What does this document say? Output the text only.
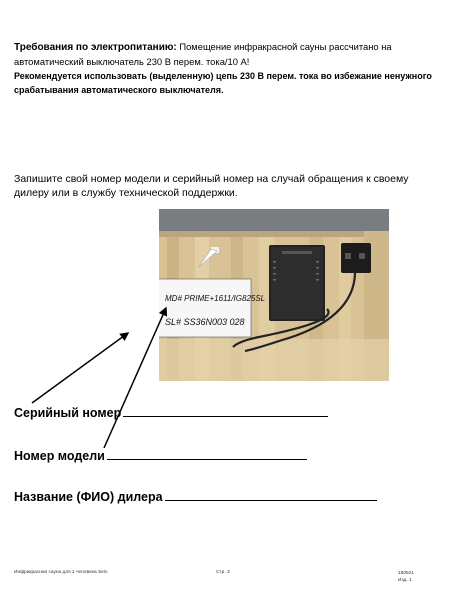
Требования по электропитанию: Помещение инфракрасной сауны рассчитано на автоматический выключатель 230 В перем. тока/10 А!
Рекомендуется использовать (выделенную) цепь 230 В перем. тока во избежание ненужного срабатывания автоматического выключателя.
Запишите свой номер модели и серийный номер на случай обращения к своему дилеру или в службу технической поддержки.
MD# PRIME+1611/IG825SL
SL# SS36N003 028
Серийный номер
Номер модели
Название (ФИО) дилера
Инфракрасная сауна для 1 человека Sein	Стр. 3	180521
Изд. 1
